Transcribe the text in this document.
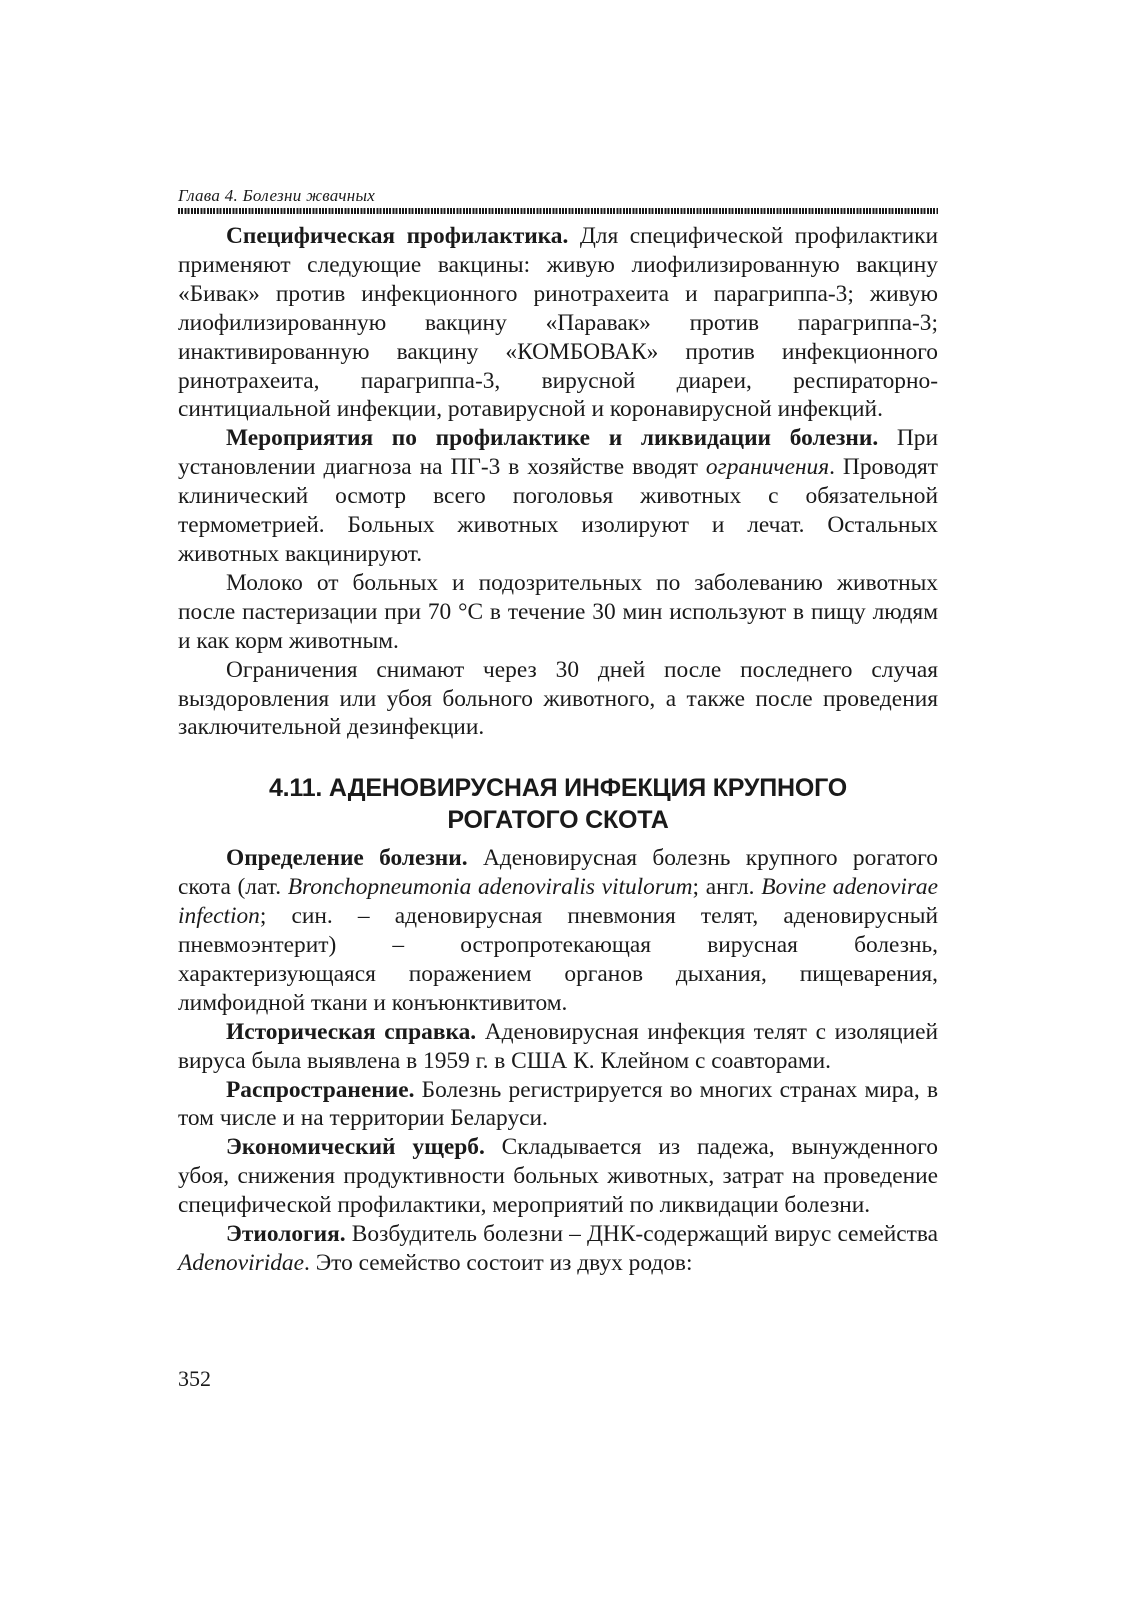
Глава 4. Болезни жвачных

Специфическая профилактика. Для специфической профилактики применяют следующие вакцины: живую лиофилизированную вакцину «Бивак» против инфекционного ринотрахеита и парагриппа-3; живую лиофилизированную вакцину «Паравак» против парагриппа-3; инактивированную вакцину «КОМБОВАК» против инфекционного ринотрахеита, парагриппа-3, вирусной диареи, респираторно-синтициальной инфекции, ротавирусной и коронавирусной инфекций.

Мероприятия по профилактике и ликвидации болезни. При установлении диагноза на ПГ-3 в хозяйстве вводят ограничения. Проводят клинический осмотр всего поголовья животных с обязательной термометрией. Больных животных изолируют и лечат. Остальных животных вакцинируют.

Молоко от больных и подозрительных по заболеванию животных после пастеризации при 70 °С в течение 30 мин используют в пищу людям и как корм животным.

Ограничения снимают через 30 дней после последнего случая выздоровления или убоя больного животного, а также после проведения заключительной дезинфекции.

4.11. АДЕНОВИРУСНАЯ ИНФЕКЦИЯ КРУПНОГО
РОГАТОГО СКОТА

Определение болезни. Аденовирусная болезнь крупного рогатого скота (лат. Bronchopneumonia adenoviralis vitulorum; англ. Bovine adenovirae infection; син. – аденовирусная пневмония телят, аденовирусный пневмоэнтерит) – остропротекающая вирусная болезнь, характеризующаяся поражением органов дыхания, пищеварения, лимфоидной ткани и конъюнктивитом.

Историческая справка. Аденовирусная инфекция телят с изоляцией вируса была выявлена в 1959 г. в США К. Клейном с соавторами.

Распространение. Болезнь регистрируется во многих странах мира, в том числе и на территории Беларуси.

Экономический ущерб. Складывается из падежа, вынужденного убоя, снижения продуктивности больных животных, затрат на проведение специфической профилактики, мероприятий по ликвидации болезни.

Этиология. Возбудитель болезни – ДНК-содержащий вирус семейства Adenoviridae. Это семейство состоит из двух родов:

352
